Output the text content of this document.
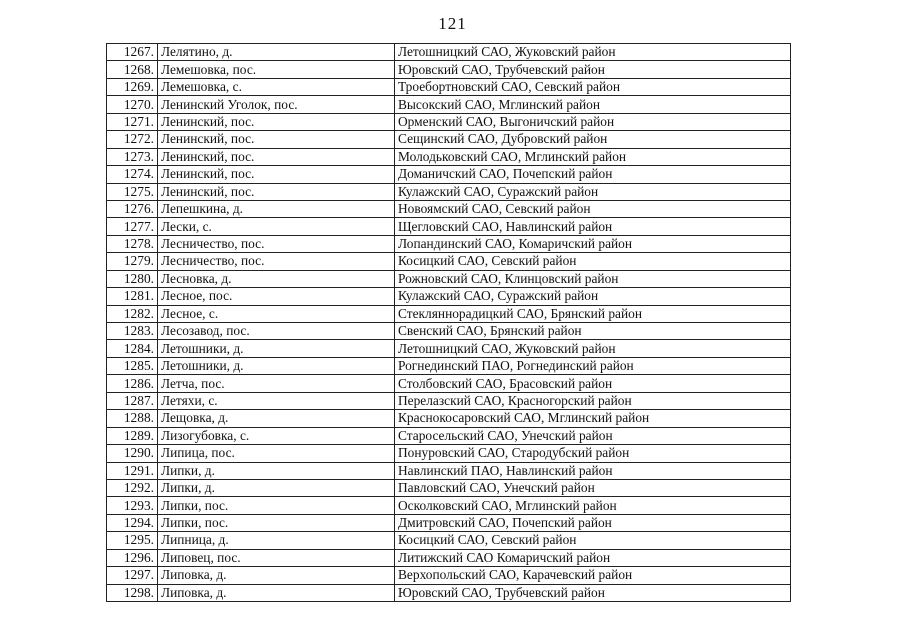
121
1267.	Лелятино, д.	Летошницкий САО, Жуковский район
1268.	Лемешовка, пос.	Юровский САО, Трубчевский район
1269.	Лемешовка, с.	Троебортновский САО, Севский район
1270.	Ленинский Уголок, пос.	Высокский САО, Мглинский район
1271.	Ленинский, пос.	Орменский САО, Выгоничский район
1272.	Ленинский, пос.	Сещинский САО, Дубровский район
1273.	Ленинский, пос.	Молодьковский САО, Мглинский район
1274.	Ленинский, пос.	Доманичский САО, Почепский район
1275.	Ленинский, пос.	Кулажский САО, Суражский район
1276.	Лепешкина, д.	Новоямский САО, Севский район
1277.	Лески, с.	Щегловский САО, Навлинский район
1278.	Лесничество, пос.	Лопандинский САО, Комаричский район
1279.	Лесничество, пос.	Косицкий САО, Севский район
1280.	Лесновка, д.	Рожновский САО, Клинцовский район
1281.	Лесное, пос.	Кулажский САО, Суражский район
1282.	Лесное, с.	Стекляннорадицкий САО, Брянский район
1283.	Лесозавод, пос.	Свенский САО, Брянский район
1284.	Летошники, д.	Летошницкий САО, Жуковский район
1285.	Летошники, д.	Рогнединский ПАО, Рогнединский район
1286.	Летча, пос.	Столбовский САО, Брасовский район
1287.	Летяхи, с.	Перелазский САО, Красногорский район
1288.	Лещовка, д.	Краснокосаровский САО, Мглинский район
1289.	Лизогубовка, с.	Старосельский САО, Унечский район
1290.	Липица, пос.	Понуровский САО, Стародубский район
1291.	Липки, д.	Навлинский ПАО, Навлинский район
1292.	Липки, д.	Павловский САО, Унечский район
1293.	Липки, пос.	Осколковский САО, Мглинский район
1294.	Липки, пос.	Дмитровский САО, Почепский район
1295.	Липница, д.	Косицкий САО, Севский район
1296.	Липовец, пос.	Литижский САО Комаричский район
1297.	Липовка, д.	Верхопольский САО, Карачевский район
1298.	Липовка, д.	Юровский САО, Трубчевский район
